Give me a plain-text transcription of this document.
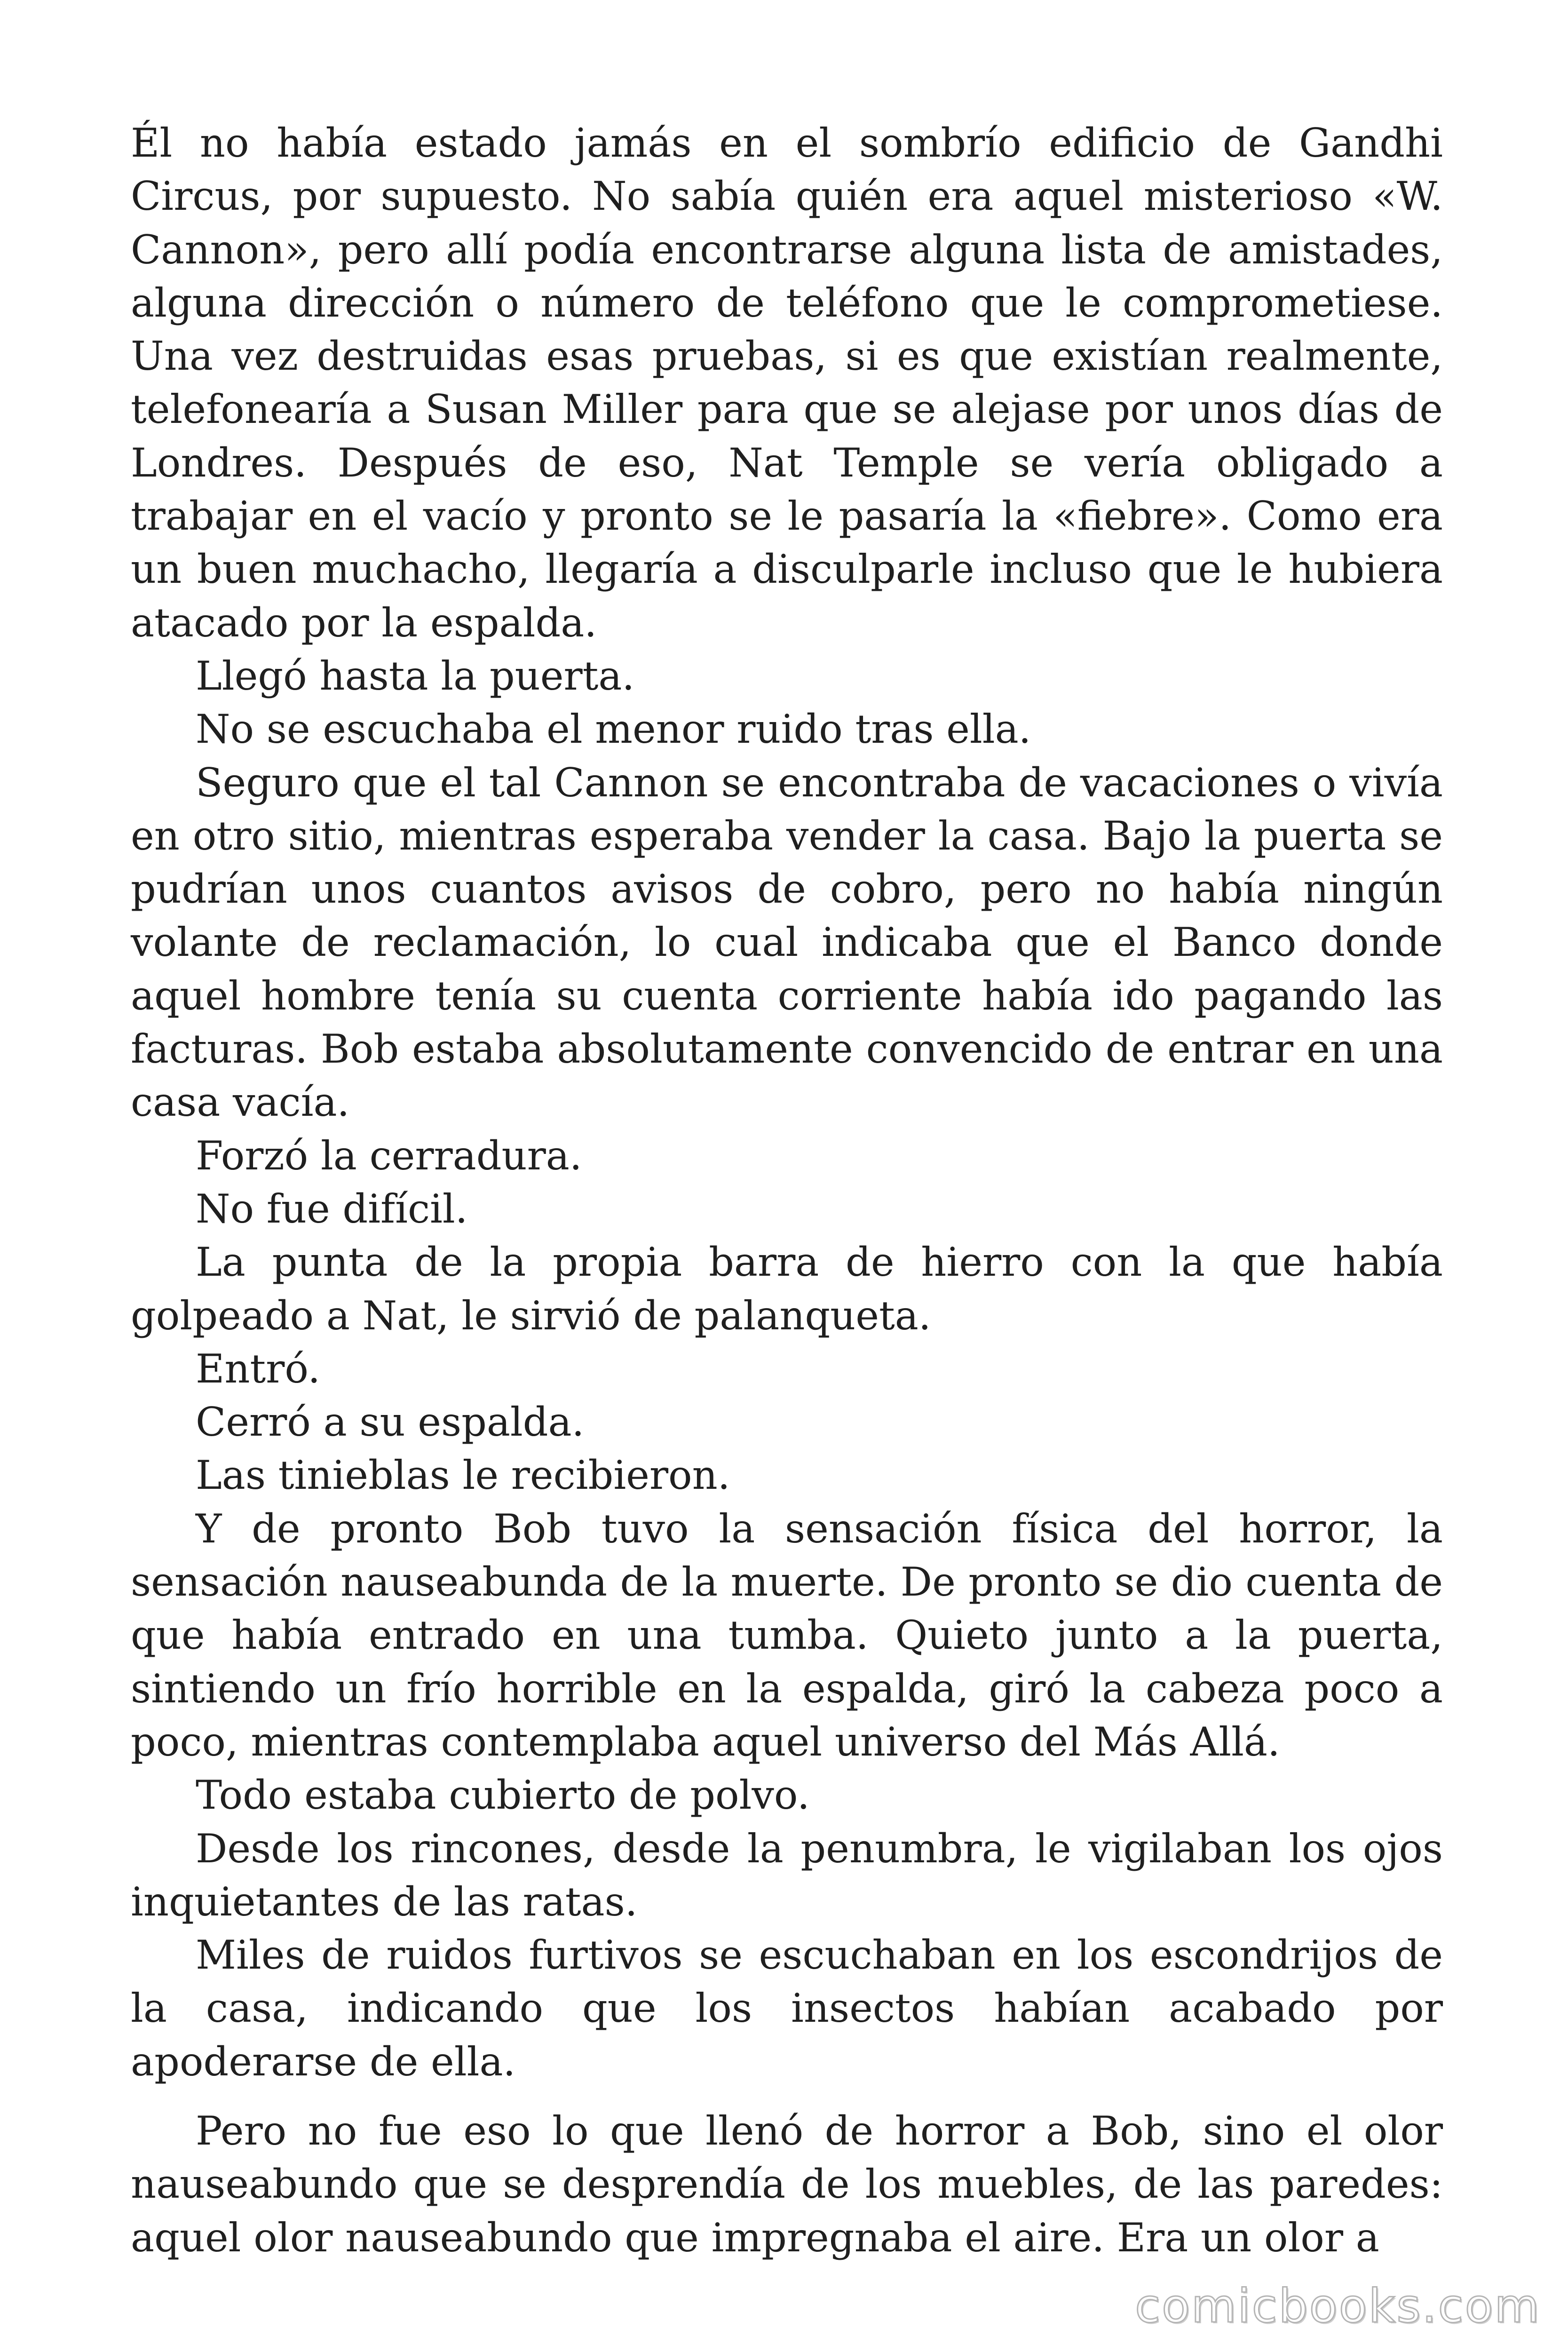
Él no había estado jamás en el sombrío edificio de Gandhi Circus, por supuesto. No sabía quién era aquel misterioso «W. Cannon», pero allí podía encontrarse alguna lista de amistades, alguna dirección o número de teléfono que le comprometiese. Una vez destruidas esas pruebas, si es que existían realmente, telefonearía a Susan Miller para que se alejase por unos días de Londres. Después de eso, Nat Temple se vería obligado a trabajar en el vacío y pronto se le pasaría la «fiebre». Como era un buen muchacho, llegaría a disculparle incluso que le hubiera atacado por la espalda.

Llegó hasta la puerta.

No se escuchaba el menor ruido tras ella.

Seguro que el tal Cannon se encontraba de vacaciones o vivía en otro sitio, mientras esperaba vender la casa. Bajo la puerta se pudrían unos cuantos avisos de cobro, pero no había ningún volante de reclamación, lo cual indicaba que el Banco donde aquel hombre tenía su cuenta corriente había ido pagando las facturas. Bob estaba absolutamente convencido de entrar en una casa vacía.

Forzó la cerradura.

No fue difícil.

La punta de la propia barra de hierro con la que había golpeado a Nat, le sirvió de palanqueta.

Entró.

Cerró a su espalda.

Las tinieblas le recibieron.

Y de pronto Bob tuvo la sensación física del horror, la sensación nauseabunda de la muerte. De pronto se dio cuenta de que había entrado en una tumba. Quieto junto a la puerta, sintiendo un frío horrible en la espalda, giró la cabeza poco a poco, mientras contemplaba aquel universo del Más Allá.

Todo estaba cubierto de polvo.

Desde los rincones, desde la penumbra, le vigilaban los ojos inquietantes de las ratas.

Miles de ruidos furtivos se escuchaban en los escondrijos de la casa, indicando que los insectos habían acabado por apoderarse de ella.

Pero no fue eso lo que llenó de horror a Bob, sino el olor nauseabundo que se desprendía de los muebles, de las paredes: aquel olor nauseabundo que impregnaba el aire. Era un olor a

comicbooks.com
